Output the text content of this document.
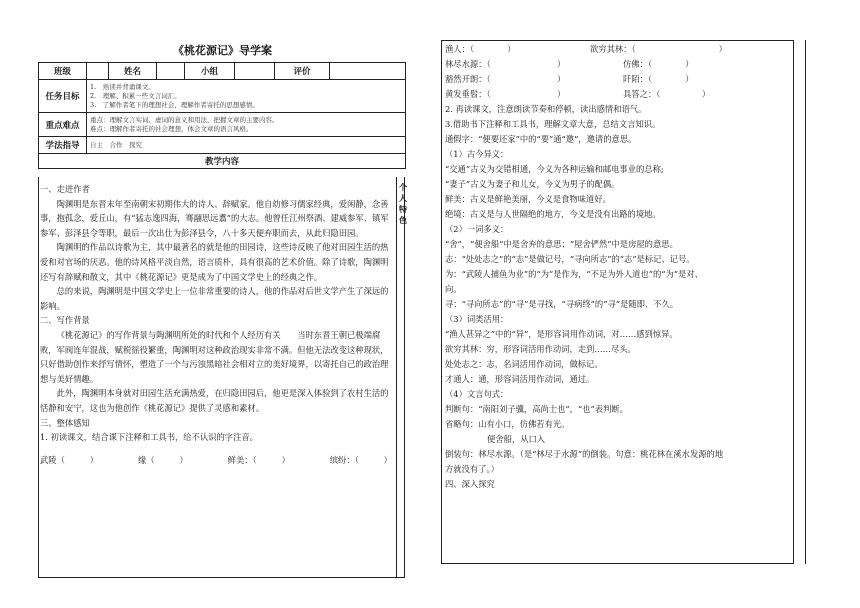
《桃花源记》导学案
班级		姓名		小组		评价	
任务目标	1.　熟读并背诵课文。
2.　理解、积累一些文言词汇。
3.　了解作者笔下的理想社会，理解作者寄托的思想感情。						

重点难点	重点：理解文言实词、虚词的意义和用法，把握文章的主要内容。
难点：理解作者寄托的社会理想，体会文章的语言风格。						

学法指导	自主　合作　探究						
教学内容							
个人特色

一、走进作者

陶渊明是东晋末年至南朝宋初期伟大的诗人、辞赋家。他自幼修习儒家经典，爱闲静，念善事，抱孤念，爱丘山，有“猛志逸四海，骞翮思远翥”的大志。他曾任江州祭酒、建威参军、镇军参军、彭泽县令等职，最后一次出仕为彭泽县令，八十多天便弃职而去，从此归隐田园。

陶渊明的作品以诗歌为主，其中最著名的就是他的田园诗，这些诗反映了他对田园生活的热爱和对官场的厌恶。他的诗风格平淡自然，语言质朴，具有很高的艺术价值。除了诗歌，陶渊明还写有辞赋和散文，其中《桃花源记》更是成为了中国文学史上的经典之作。

总的来说，陶渊明是中国文学史上一位非常重要的诗人，他的作品对后世文学产生了深远的影响。

二、写作背景

《桃花源记》的写作背景与陶渊明所处的时代和个人经历有关　　当时东晋王朝已极端腐败，军阀连年混战，赋税徭役繁重，陶渊明对这种政治现实非常不满。但他无法改变这种现状，只好借助创作来抒写情怀，塑造了一个与污浊黑暗社会相对立的美好境界，以寄托自己的政治理想与美好情趣。

此外，陶渊明本身就对田园生活充满热爱，在归隐田园后，他更是深入体验到了农村生活的恬静和安宁，这也为他创作《桃花源记》提供了灵感和素材。

三、整体感知

1. 初读课文，结合课下注释和工具书，给不认识的字注音。

武陵（　　　）	缘（　　　）	鲜美：（　　　）	缤纷：（　　　）

渔人：（　　　　）	欲穷其林：（　　　　　　　　　　）

林尽水源：（　　　　　　　　）	仿佛：（　　　　）

豁然开朗：（　　　　　　　　）	阡陌：（　　　　）

黄发垂髫：（　　　　　　　　）	具答之：（　　　　　）

2. 再读课文，注意朗读节奏和停顿，读出感情和语气。

3.借助书下注释和工具书，理解文章大意，总结文言知识。

通假字：“便要还家”中的“要”通“邀”，邀请的意思。

（1）古今异义：

“交通”古义为交错相通，今义为各种运输和邮电事业的总称;

“妻子”古义为妻子和儿女，今义为男子的配偶。

鲜美：古义是鲜艳美丽，今义是食物味道好。

绝境：古义是与人世隔绝的地方，今义是没有出路的境地。

（2）一词多义：

“舍”，“便舍船”中是舍弃的意思；“屋舍俨然”中是房屋的意思。

志：“处处志之”的“志”是做记号，“寻向所志”的“志”是标记、记号。

为：“武陵人捕鱼为业”的“为”是作为，“不足为外人道也”的“为”是对、

向。

寻：“寻向所志”的“寻”是寻找，“寻病终”的“寻”是随即、不久。

（3）词类活用：

“渔人甚异之”中的“异”，是形容词用作动词，对……感到惊异。

欲穷其林：穷，形容词活用作动词，走到……尽头。

处处志之：志，名词活用作动词，做标记。

才通人：通，形容词活用作动词，通过。

（4）文言句式：

判断句：“南阳刘子骥，高尚士也”，“也”表判断。

省略句：山有小口，仿佛若有光。

便舍船，从口入

倒装句：林尽水源。（是“林尽于水源”的倒装。句意：桃花林在溪水发源的地

方就没有了。）

四、深入探究
